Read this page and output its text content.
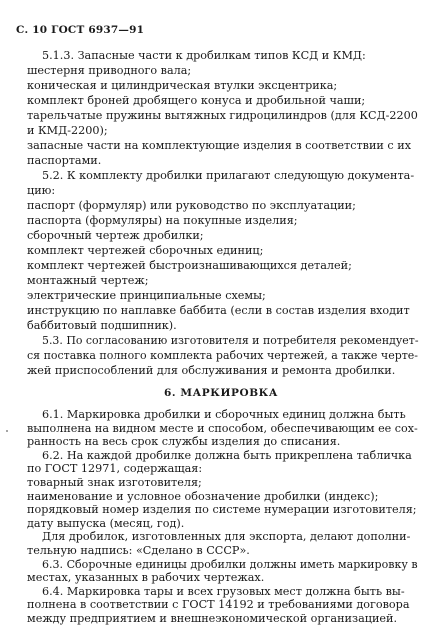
С. 10 ГОСТ 6937—91
5.1.3. Запасные части к дробилкам типов КСД и КМД:
шестерня приводного вала;
коническая и цилиндрическая втулки эксцентрика;
комплект броней дробящего конуса и дробильной чаши;
тарельчатые пружины вытяжных гидроцилиндров (для КСД-2200
и КМД-2200);
запасные части на комплектующие изделия в соответствии с их
паспортами.
5.2. К комплекту дробилки прилагают следующую документа-
цию:
паспорт (формуляр) или руководство по эксплуатации;
паспорта (формуляры) на покупные изделия;
сборочный чертеж дробилки;
комплект чертежей сборочных единиц;
комплект чертежей быстроизнашивающихся деталей;
монтажный чертеж;
электрические принципиальные схемы;
инструкцию по наплавке баббита (если в состав изделия входит
баббитовый подшипник).
5.3. По согласованию изготовителя и потребителя рекомендует-
ся поставка полного комплекта рабочих чертежей, а также черте-
жей приспособлений для обслуживания и ремонта дробилки.
6. МАРКИРОВКА
6.1. Маркировка дробилки и сборочных единиц должна быть
выполнена на видном месте и способом, обеспечивающим ее сох-
ранность на весь срок службы изделия до списания.
6.2. На каждой дробилке должна быть прикреплена табличка
по ГОСТ 12971, содержащая:
товарный знак изготовителя;
наименование и условное обозначение дробилки (индекс);
порядковый номер изделия по системе нумерации изготовителя;
дату выпуска (месяц, год).
Для дробилок, изготовленных для экспорта, делают дополни-
тельную надпись: «Сделано в СССР».
6.3. Сборочные единицы дробилки должны иметь маркировку в
местах, указанных в рабочих чертежах.
6.4. Маркировка тары и всех грузовых мест должна быть вы-
полнена в соответствии с ГОСТ 14192 и требованиями договора
между предприятием и внешнеэкономической организацией.
